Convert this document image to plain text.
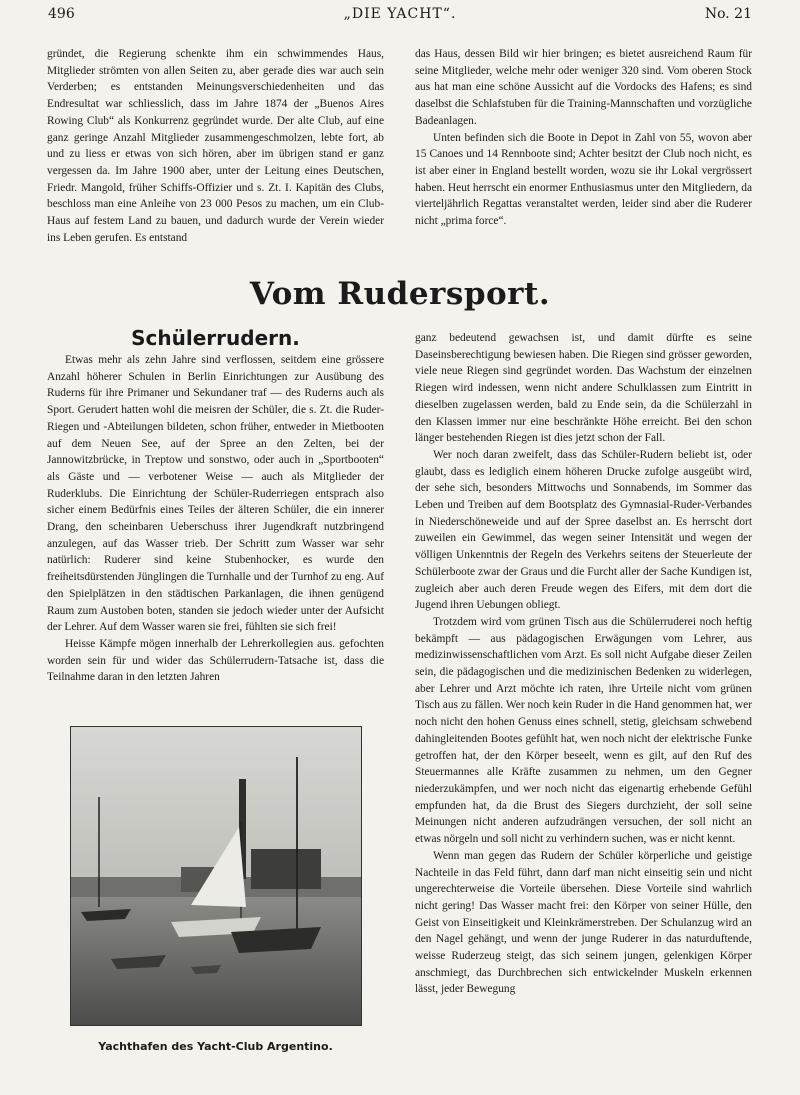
496	„DIE YACHT“.	No. 21

gründet, die Regierung schenkte ihm ein schwimmendes Haus, Mitglieder strömten von allen Seiten zu, aber gerade dies war auch sein Verderben; es entstanden Meinungsverschiedenheiten und das Endresultat war schliesslich, dass im Jahre 1874 der „Buenos Aires Rowing Club“ als Konkurrenz gegründet wurde. Der alte Club, auf eine ganz geringe Anzahl Mitglieder zusammengeschmolzen, lebte fort, ab und zu liess er etwas von sich hören, aber im übrigen stand er ganz vergessen da. Im Jahre 1900 aber, unter der Leitung eines Deutschen, Friedr. Mangold, früher Schiffs-Offizier und s. Zt. I. Kapitän des Clubs, beschloss man eine Anleihe von 23 000 Pesos zu machen, um ein Club-Haus auf festem Land zu bauen, und dadurch wurde der Verein wieder ins Leben gerufen. Es entstand

das Haus, dessen Bild wir hier bringen; es bietet ausreichend Raum für seine Mitglieder, welche mehr oder weniger 320 sind. Vom oberen Stock aus hat man eine schöne Aussicht auf die Vordocks des Hafens; es sind daselbst die Schlafstuben für die Training-Mannschaften und vorzügliche Badeanlagen.

Unten befinden sich die Boote in Depot in Zahl von 55, wovon aber 15 Canoes und 14 Rennboote sind; Achter besitzt der Club noch nicht, es ist aber einer in England bestellt worden, wozu sie ihr Lokal vergrössert haben. Heut herrscht ein enormer Enthusiasmus unter den Mitgliedern, da vierteljährlich Regattas veranstaltet werden, leider sind aber die Ruderer nicht „prima force“.

Vom Rudersport.
Schülerrudern.

Etwas mehr als zehn Jahre sind verflossen, seitdem eine grössere Anzahl höherer Schulen in Berlin Einrichtungen zur Ausübung des Ruderns für ihre Primaner und Sekundaner traf — des Ruderns auch als Sport. Gerudert hatten wohl die meisren der Schüler, die s. Zt. die Ruder-Riegen und -Abteilungen bildeten, schon früher, entweder in Mietbooten auf dem Neuen See, auf der Spree an den Zelten, bei der Jannowitzbrücke, in Treptow und sonstwo, oder auch in „Sportbooten“ als Gäste und — verbotener Weise — auch als Mitglieder der Ruderklubs. Die Einrichtung der Schüler-Ruderriegen entsprach also sicher einem Bedürfnis eines Teiles der älteren Schüler, die ein innerer Drang, den scheinbaren Ueberschuss ihrer Jugendkraft nutzbringend anzulegen, auf das Wasser trieb. Der Schritt zum Wasser war sehr natürlich: Ruderer sind keine Stubenhocker, es wurde den freiheitsdürstenden Jünglingen die Turnhalle und der Turnhof zu eng. Auf den Spielplätzen in den städtischen Parkanlagen, die ihnen genügend Raum zum Austoben boten, standen sie jedoch wieder unter der Aufsicht der Lehrer. Auf dem Wasser waren sie frei, fühlten sie sich frei!

Heisse Kämpfe mögen innerhalb der Lehrerkollegien aus. gefochten worden sein für und wider das Schülerrudern-Tatsache ist, dass die Teilnahme daran in den letzten Jahren

Yachthafen des Yacht-Club Argentino.

ganz bedeutend gewachsen ist, und damit dürfte es seine Daseinsberechtigung bewiesen haben. Die Riegen sind grösser geworden, viele neue Riegen sind gegründet worden. Das Wachstum der einzelnen Riegen wird indessen, wenn nicht andere Schulklassen zum Eintritt in dieselben zugelassen werden, bald zu Ende sein, da die Schülerzahl in den Klassen immer nur eine beschränkte Höhe erreicht. Bei den schon länger bestehenden Riegen ist dies jetzt schon der Fall.

Wer noch daran zweifelt, dass das Schüler-Rudern beliebt ist, oder glaubt, dass es lediglich einem höheren Drucke zufolge ausgeübt wird, der sehe sich, besonders Mittwochs und Sonnabends, im Sommer das Leben und Treiben auf dem Bootsplatz des Gymnasial-Ruder-Verbandes in Niederschöneweide und auf der Spree daselbst an. Es herrscht dort zuweilen ein Gewimmel, das wegen seiner Intensität und wegen der völligen Unkenntnis der Regeln des Verkehrs seitens der Steuerleute der Schülerboote zwar der Graus und die Furcht aller der Sache Kundigen ist, zugleich aber auch deren Freude wegen des Eifers, mit dem dort die Jugend ihren Uebungen obliegt.

Trotzdem wird vom grünen Tisch aus die Schülerruderei noch heftig bekämpft — aus pädagogischen Erwägungen vom Lehrer, aus medizinwissenschaftlichen vom Arzt. Es soll nicht Aufgabe dieser Zeilen sein, die pädagogischen und die medizinischen Bedenken zu widerlegen, aber Lehrer und Arzt möchte ich raten, ihre Urteile nicht vom grünen Tisch aus zu fällen. Wer noch kein Ruder in die Hand genommen hat, wer noch nicht den hohen Genuss eines schnell, stetig, gleichsam schwebend dahingleitenden Bootes gefühlt hat, wen noch nicht der elektrische Funke getroffen hat, der den Körper beseelt, wenn es gilt, auf den Ruf des Steuermannes alle Kräfte zusammen zu nehmen, um den Gegner niederzukämpfen, und wer noch nicht das eigenartig erhebende Gefühl empfunden hat, da die Brust des Siegers durchzieht, der soll seine Meinungen nicht anderen aufzudrängen versuchen, der soll nicht an etwas nörgeln und soll nicht zu verhindern suchen, was er nicht kennt.

Wenn man gegen das Rudern der Schüler körperliche und geistige Nachteile in das Feld führt, dann darf man nicht einseitig sein und nicht ungerechterweise die Vorteile übersehen. Diese Vorteile sind wahrlich nicht gering! Das Wasser macht frei: den Körper von seiner Hülle, den Geist von Einseitigkeit und Kleinkrämerstreben. Der Schulanzug wird an den Nagel gehängt, und wenn der junge Ruderer in das naturduftende, weisse Ruderzeug steigt, das sich seinem jungen, gelenkigen Körper anschmiegt, das Durchbrechen sich entwickelnder Muskeln erkennen lässt, jeder Bewegung
